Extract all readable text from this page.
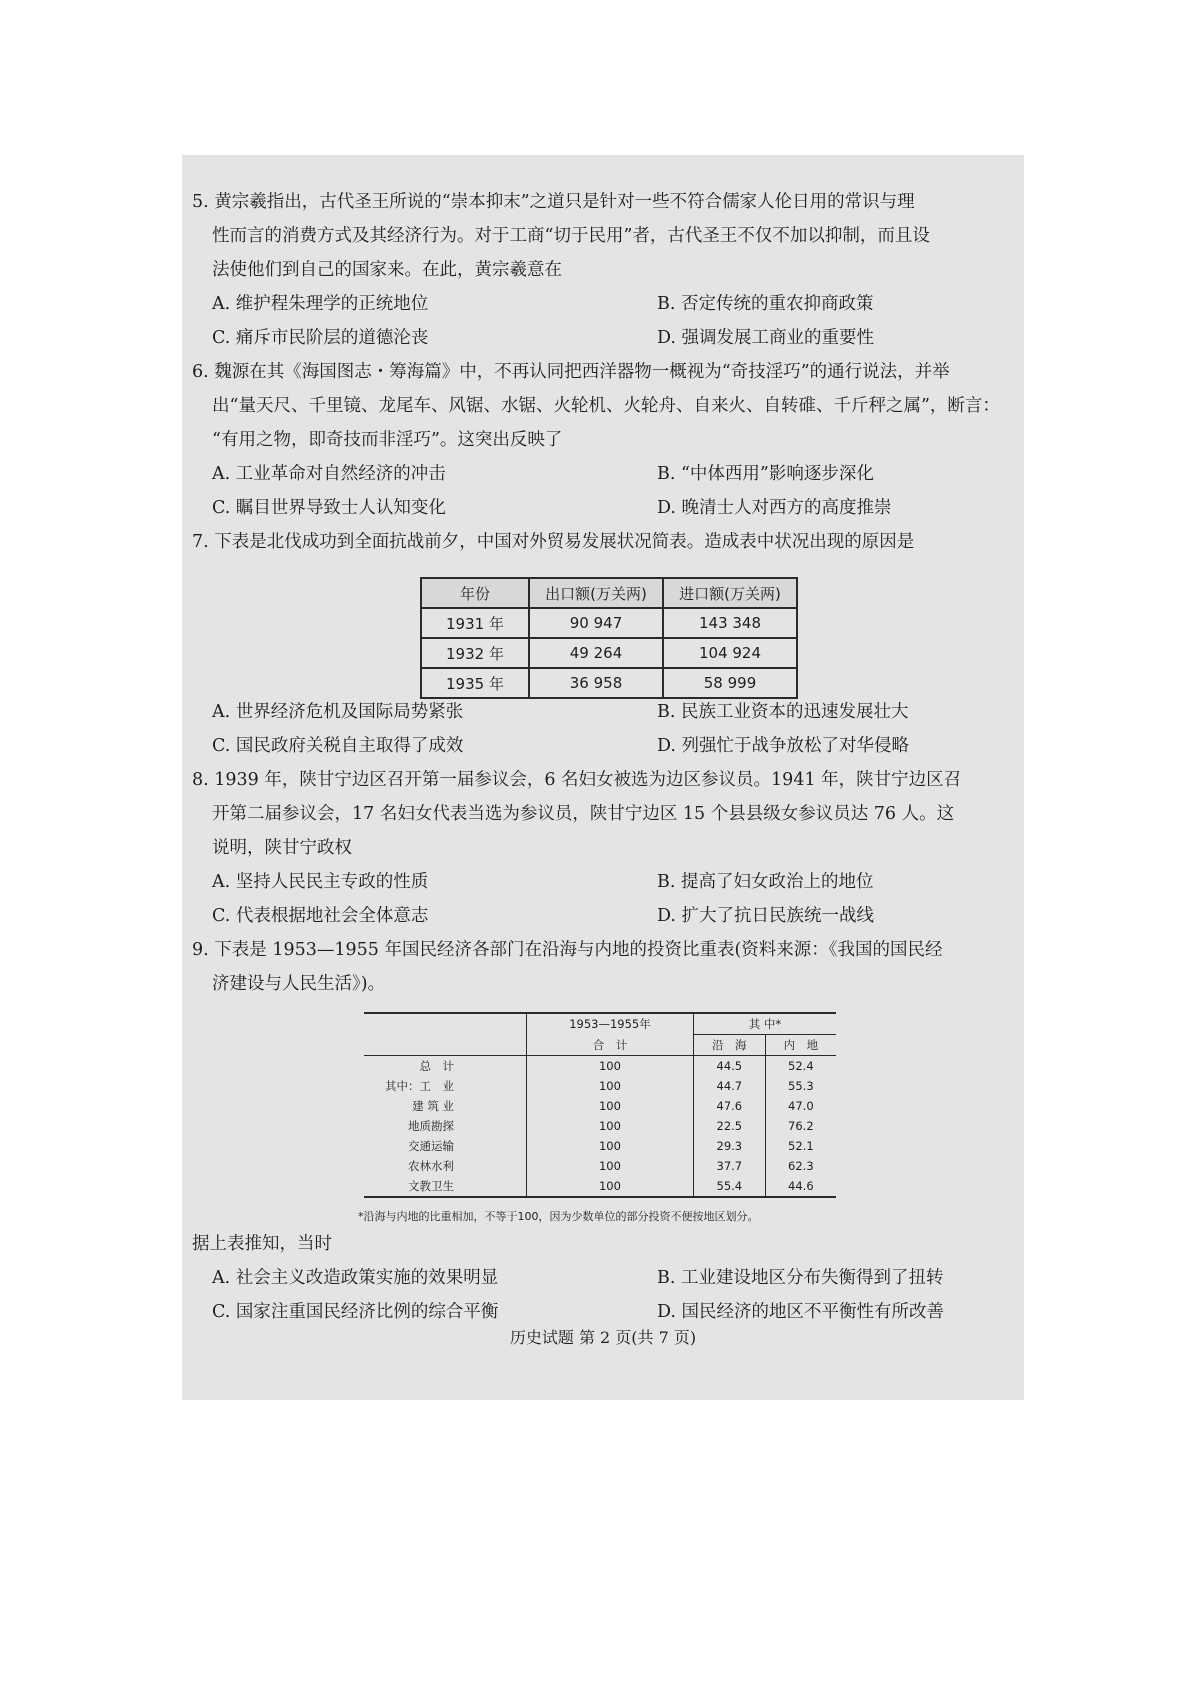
5. 黄宗羲指出，古代圣王所说的“崇本抑末”之道只是针对一些不符合儒家人伦日用的常识与理

性而言的消费方式及其经济行为。对于工商“切于民用”者，古代圣王不仅不加以抑制，而且设

法使他们到自己的国家来。在此，黄宗羲意在

A. 维护程朱理学的正统地位	B. 否定传统的重农抑商政策
C. 痛斥市民阶层的道德沦丧	D. 强调发展工商业的重要性

6. 魏源在其《海国图志・筹海篇》中，不再认同把西洋器物一概视为“奇技淫巧”的通行说法，并举

出“量天尺、千里镜、龙尾车、风锯、水锯、火轮机、火轮舟、自来火、自转碓、千斤秤之属”，断言：

“有用之物，即奇技而非淫巧”。这突出反映了

A. 工业革命对自然经济的冲击	B. “中体西用”影响逐步深化
C. 瞩目世界导致士人认知变化	D. 晚清士人对西方的高度推崇

7. 下表是北伐成功到全面抗战前夕，中国对外贸易发展状况简表。造成表中状况出现的原因是

年份	出口额(万关两)	进口额(万关两)
1931 年	90 947	143 348
1932 年	49 264	104 924
1935 年	36 958	58 999
A. 世界经济危机及国际局势紧张	B. 民族工业资本的迅速发展壮大
C. 国民政府关税自主取得了成效	D. 列强忙于战争放松了对华侵略

8. 1939 年，陕甘宁边区召开第一届参议会，6 名妇女被选为边区参议员。1941 年，陕甘宁边区召

开第二届参议会，17 名妇女代表当选为参议员，陕甘宁边区 15 个县县级女参议员达 76 人。这

说明，陕甘宁政权

A. 坚持人民民主专政的性质	B. 提高了妇女政治上的地位
C. 代表根据地社会全体意志	D. 扩大了抗日民族统一战线

9. 下表是 1953—1955 年国民经济各部门在沿海与内地的投资比重表(资料来源：《我国的国民经

济建设与人民生活》)。

	1953—1955年	其 中*	
	合　计	沿　海	内　地
总　计	100	44.5	52.4
其中：工　业	100	44.7	55.3
建 筑 业	100	47.6	47.0
地质勘探	100	22.5	76.2
交通运输	100	29.3	52.1
农林水利	100	37.7	62.3
文教卫生	100	55.4	44.6
*沿海与内地的比重相加，不等于100，因为少数单位的部分投资不便按地区划分。

据上表推知，当时

A. 社会主义改造政策实施的效果明显	B. 工业建设地区分布失衡得到了扭转
C. 国家注重国民经济比例的综合平衡	D. 国民经济的地区不平衡性有所改善
历史试题 第 2 页(共 7 页)
